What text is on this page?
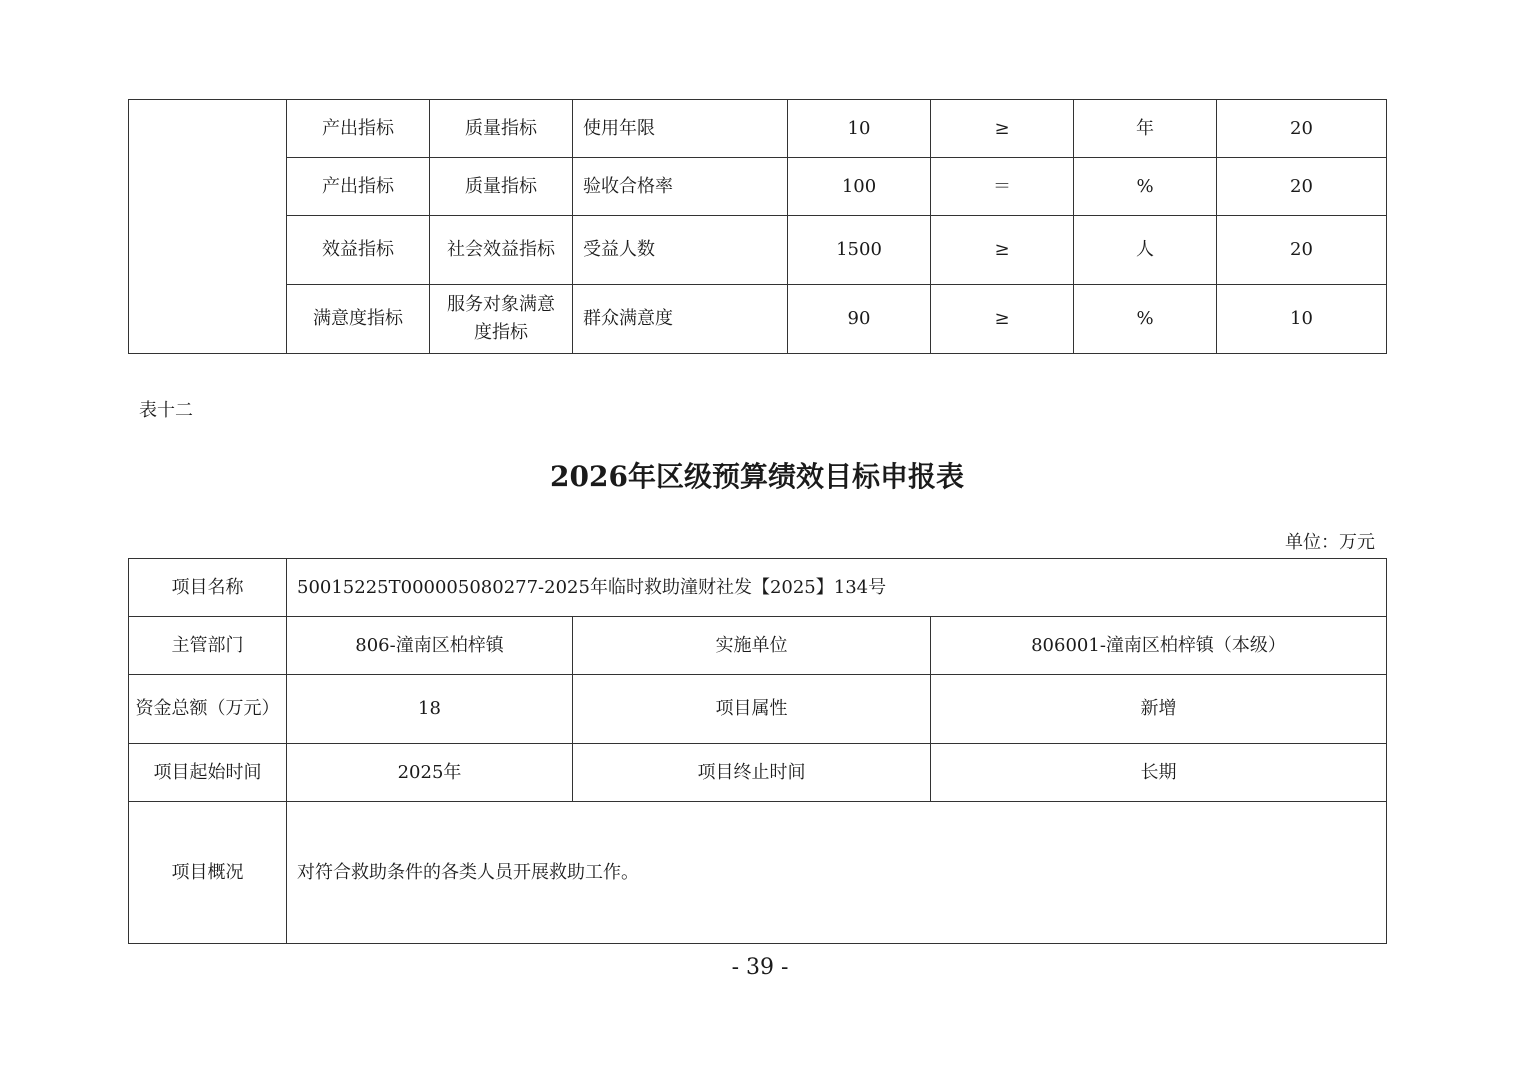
	产出指标	质量指标	使用年限	10	≥	年	20
	产出指标	质量指标	验收合格率	100	＝	%	20
	效益指标	社会效益指标	受益人数	1500	≥	人	20
	满意度指标	服务对象满意度指标	群众满意度	90	≥	%	10
表十二
2026年区级预算绩效目标申报表
单位：万元
项目名称	50015225T000005080277-2025年临时救助潼财社发【2025】134号		
主管部门	806-潼南区柏梓镇	实施单位	806001-潼南区柏梓镇（本级）
资金总额（万元）	18	项目属性	新增
项目起始时间	2025年	项目终止时间	长期
项目概况	对符合救助条件的各类人员开展救助工作。		
- 39 -
